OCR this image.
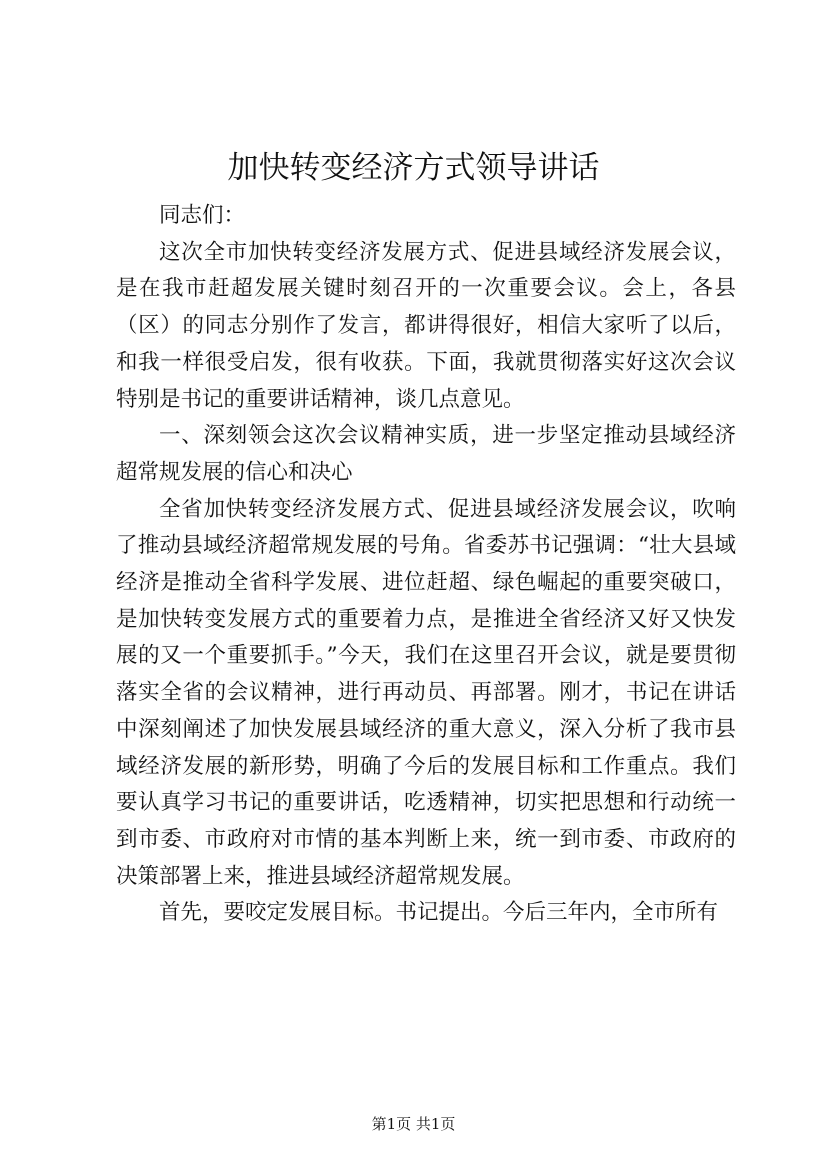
加快转变经济方式领导讲话

同志们：

这次全市加快转变经济发展方式、促进县域经济发展会议，是在我市赶超发展关键时刻召开的一次重要会议。会上，各县（区）的同志分别作了发言，都讲得很好，相信大家听了以后，和我一样很受启发，很有收获。下面，我就贯彻落实好这次会议特别是书记的重要讲话精神，谈几点意见。

一、深刻领会这次会议精神实质，进一步坚定推动县域经济超常规发展的信心和决心

全省加快转变经济发展方式、促进县域经济发展会议，吹响了推动县域经济超常规发展的号角。省委苏书记强调：“壮大县域经济是推动全省科学发展、进位赶超、绿色崛起的重要突破口，是加快转变发展方式的重要着力点，是推进全省经济又好又快发展的又一个重要抓手。”今天，我们在这里召开会议，就是要贯彻落实全省的会议精神，进行再动员、再部署。刚才，书记在讲话中深刻阐述了加快发展县域经济的重大意义，深入分析了我市县域经济发展的新形势，明确了今后的发展目标和工作重点。我们要认真学习书记的重要讲话，吃透精神，切实把思想和行动统一到市委、市政府对市情的基本判断上来，统一到市委、市政府的决策部署上来，推进县域经济超常规发展。

首先，要咬定发展目标。书记提出。今后三年内，全市所有

第1页 共1页
